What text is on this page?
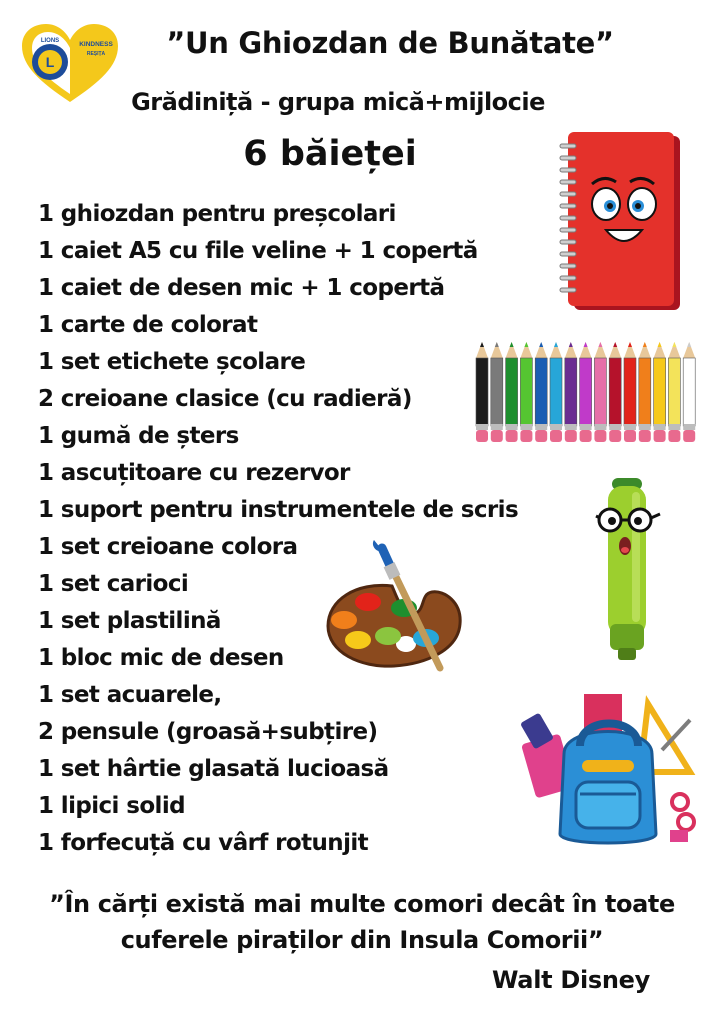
L
LIONS	KINDNESS
REȘIȚA	”Un Ghiozdan de Bunătate”
Grădiniță - grupa mică+mijlocie
6 băieței
1 ghiozdan pentru preșcolari
1 caiet A5 cu file veline + 1 copertă
1 caiet de desen mic + 1 copertă
1 carte de colorat
1 set etichete școlare
2 creioane clasice (cu radieră)
1 gumă de șters
1 ascuțitoare cu rezervor
1 suport pentru instrumentele de scris
1 set creioane colora
1 set carioci
1 set plastilină
1 bloc mic de desen
1 set acuarele,
2 pensule (groasă+subțire)
1 set hârtie glasată lucioasă
1 lipici solid
1 forfecuță cu vârf rotunjit
”În cărți există mai multe comori decât în toate
cuferele piraților din Insula Comorii”
Walt Disney
